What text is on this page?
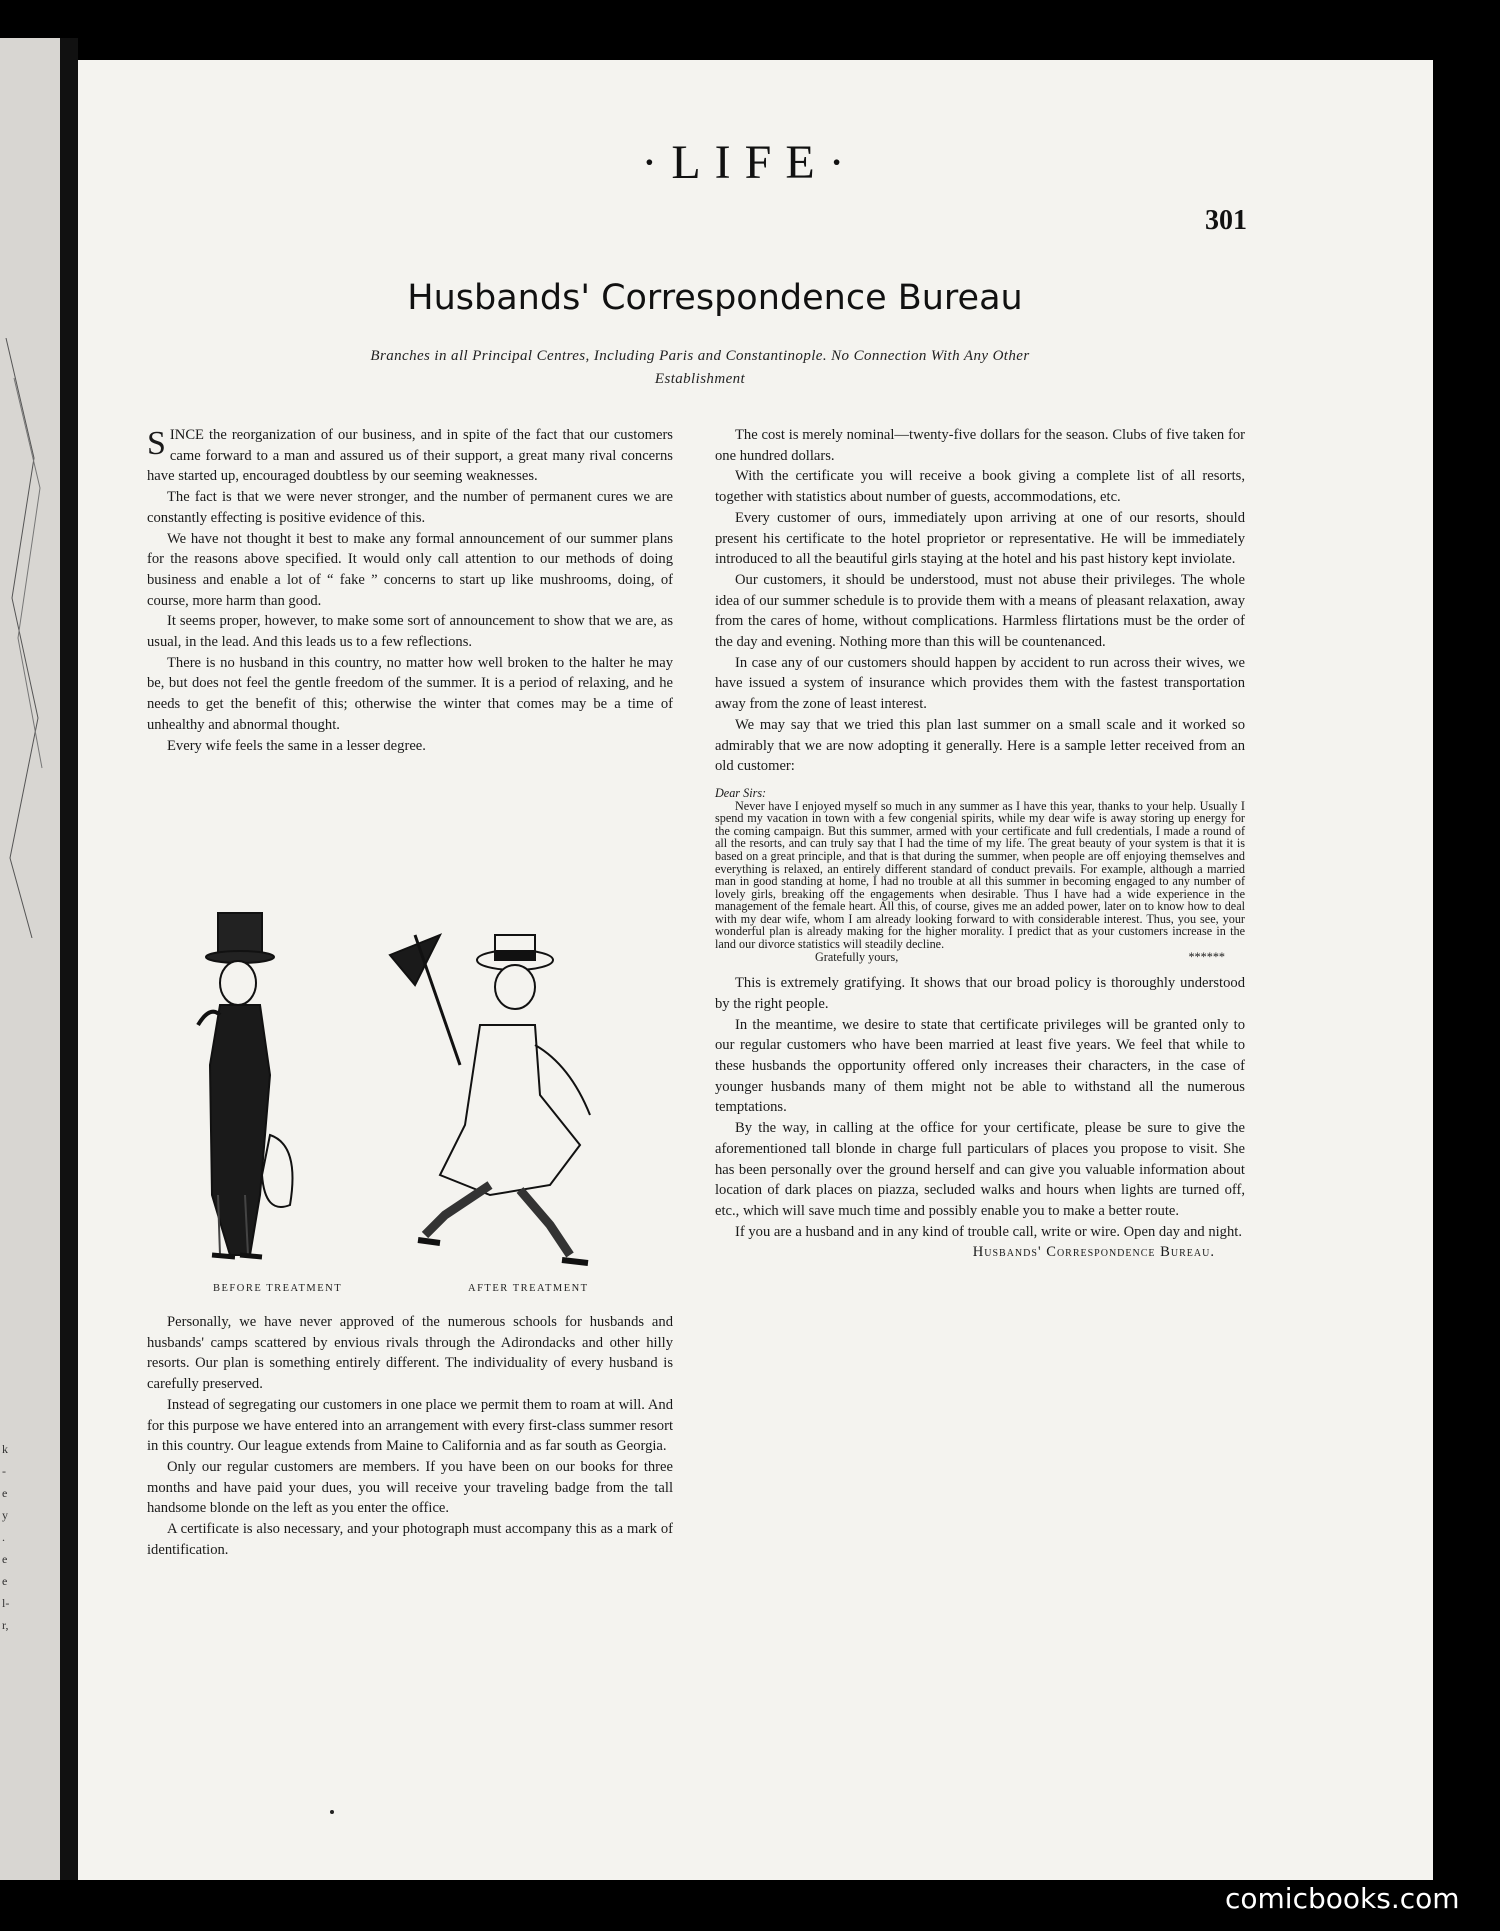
k
-
e
y
.
e
e
l-
r,
·LIFE·
301
Husbands' Correspondence Bureau
Branches in all Principal Centres, Including Paris and Constantinople. No Connection With Any Other Establishment

SINCE the reorganization of our business, and in spite of the fact that our customers came forward to a man and assured us of their support, a great many rival concerns have started up, encouraged doubtless by our seeming weaknesses.

The fact is that we were never stronger, and the number of permanent cures we are constantly effecting is positive evidence of this.

We have not thought it best to make any formal announcement of our summer plans for the reasons above specified. It would only call attention to our methods of doing business and enable a lot of “ fake ” concerns to start up like mushrooms, doing, of course, more harm than good.

It seems proper, however, to make some sort of announcement to show that we are, as usual, in the lead. And this leads us to a few reflections.

There is no husband in this country, no matter how well broken to the halter he may be, but does not feel the gentle freedom of the summer. It is a period of relaxing, and he needs to get the benefit of this; otherwise the winter that comes may be a time of unhealthy and abnormal thought.

Every wife feels the same in a lesser degree.

BEFORE TREATMENT	AFTER TREATMENT

Personally, we have never approved of the numerous schools for husbands and husbands' camps scattered by envious rivals through the Adirondacks and other hilly resorts. Our plan is something entirely different. The individuality of every husband is carefully preserved.

Instead of segregating our customers in one place we permit them to roam at will. And for this purpose we have entered into an arrangement with every first-class summer resort in this country. Our league extends from Maine to California and as far south as Georgia.

Only our regular customers are members. If you have been on our books for three months and have paid your dues, you will receive your traveling badge from the tall handsome blonde on the left as you enter the office.

A certificate is also necessary, and your photograph must accompany this as a mark of identification.

The cost is merely nominal—twenty-five dollars for the season. Clubs of five taken for one hundred dollars.

With the certificate you will receive a book giving a complete list of all resorts, together with statistics about number of guests, accommodations, etc.

Every customer of ours, immediately upon arriving at one of our resorts, should present his certificate to the hotel proprietor or representative. He will be immediately introduced to all the beautiful girls staying at the hotel and his past history kept inviolate.

Our customers, it should be understood, must not abuse their privileges. The whole idea of our summer schedule is to provide them with a means of pleasant relaxation, away from the cares of home, without complications. Harmless flirtations must be the order of the day and evening. Nothing more than this will be countenanced.

In case any of our customers should happen by accident to run across their wives, we have issued a system of insurance which provides them with the fastest transportation away from the zone of least interest.

We may say that we tried this plan last summer on a small scale and it worked so admirably that we are now adopting it generally. Here is a sample letter received from an old customer:

Dear Sirs:
Never have I enjoyed myself so much in any summer as I have this year, thanks to your help. Usually I spend my vacation in town with a few congenial spirits, while my dear wife is away storing up energy for the coming campaign. But this summer, armed with your certificate and full credentials, I made a round of all the resorts, and can truly say that I had the time of my life. The great beauty of your system is that it is based on a great principle, and that is that during the summer, when people are off enjoying themselves and everything is relaxed, an entirely different standard of conduct prevails. For example, although a married man in good standing at home, I had no trouble at all this summer in becoming engaged to any number of lovely girls, breaking off the engagements when desirable. Thus I have had a wide experience in the management of the female heart. All this, of course, gives me an added power, later on to know how to deal with my dear wife, whom I am already looking forward to with considerable interest. Thus, you see, your wonderful plan is already making for the higher morality. I predict that as your customers increase in the land our divorce statistics will steadily decline.
Gratefully yours,	******

This is extremely gratifying. It shows that our broad policy is thoroughly understood by the right people.

In the meantime, we desire to state that certificate privileges will be granted only to our regular customers who have been married at least five years. We feel that while to these husbands the opportunity offered only increases their characters, in the case of younger husbands many of them might not be able to withstand all the numerous temptations.

By the way, in calling at the office for your certificate, please be sure to give the aforementioned tall blonde in charge full particulars of places you propose to visit. She has been personally over the ground herself and can give you valuable information about location of dark places on piazza, secluded walks and hours when lights are turned off, etc., which will save much time and possibly enable you to make a better route.

If you are a husband and in any kind of trouble call, write or wire. Open day and night.

Husbands' Correspondence Bureau.
comicbooks.com
